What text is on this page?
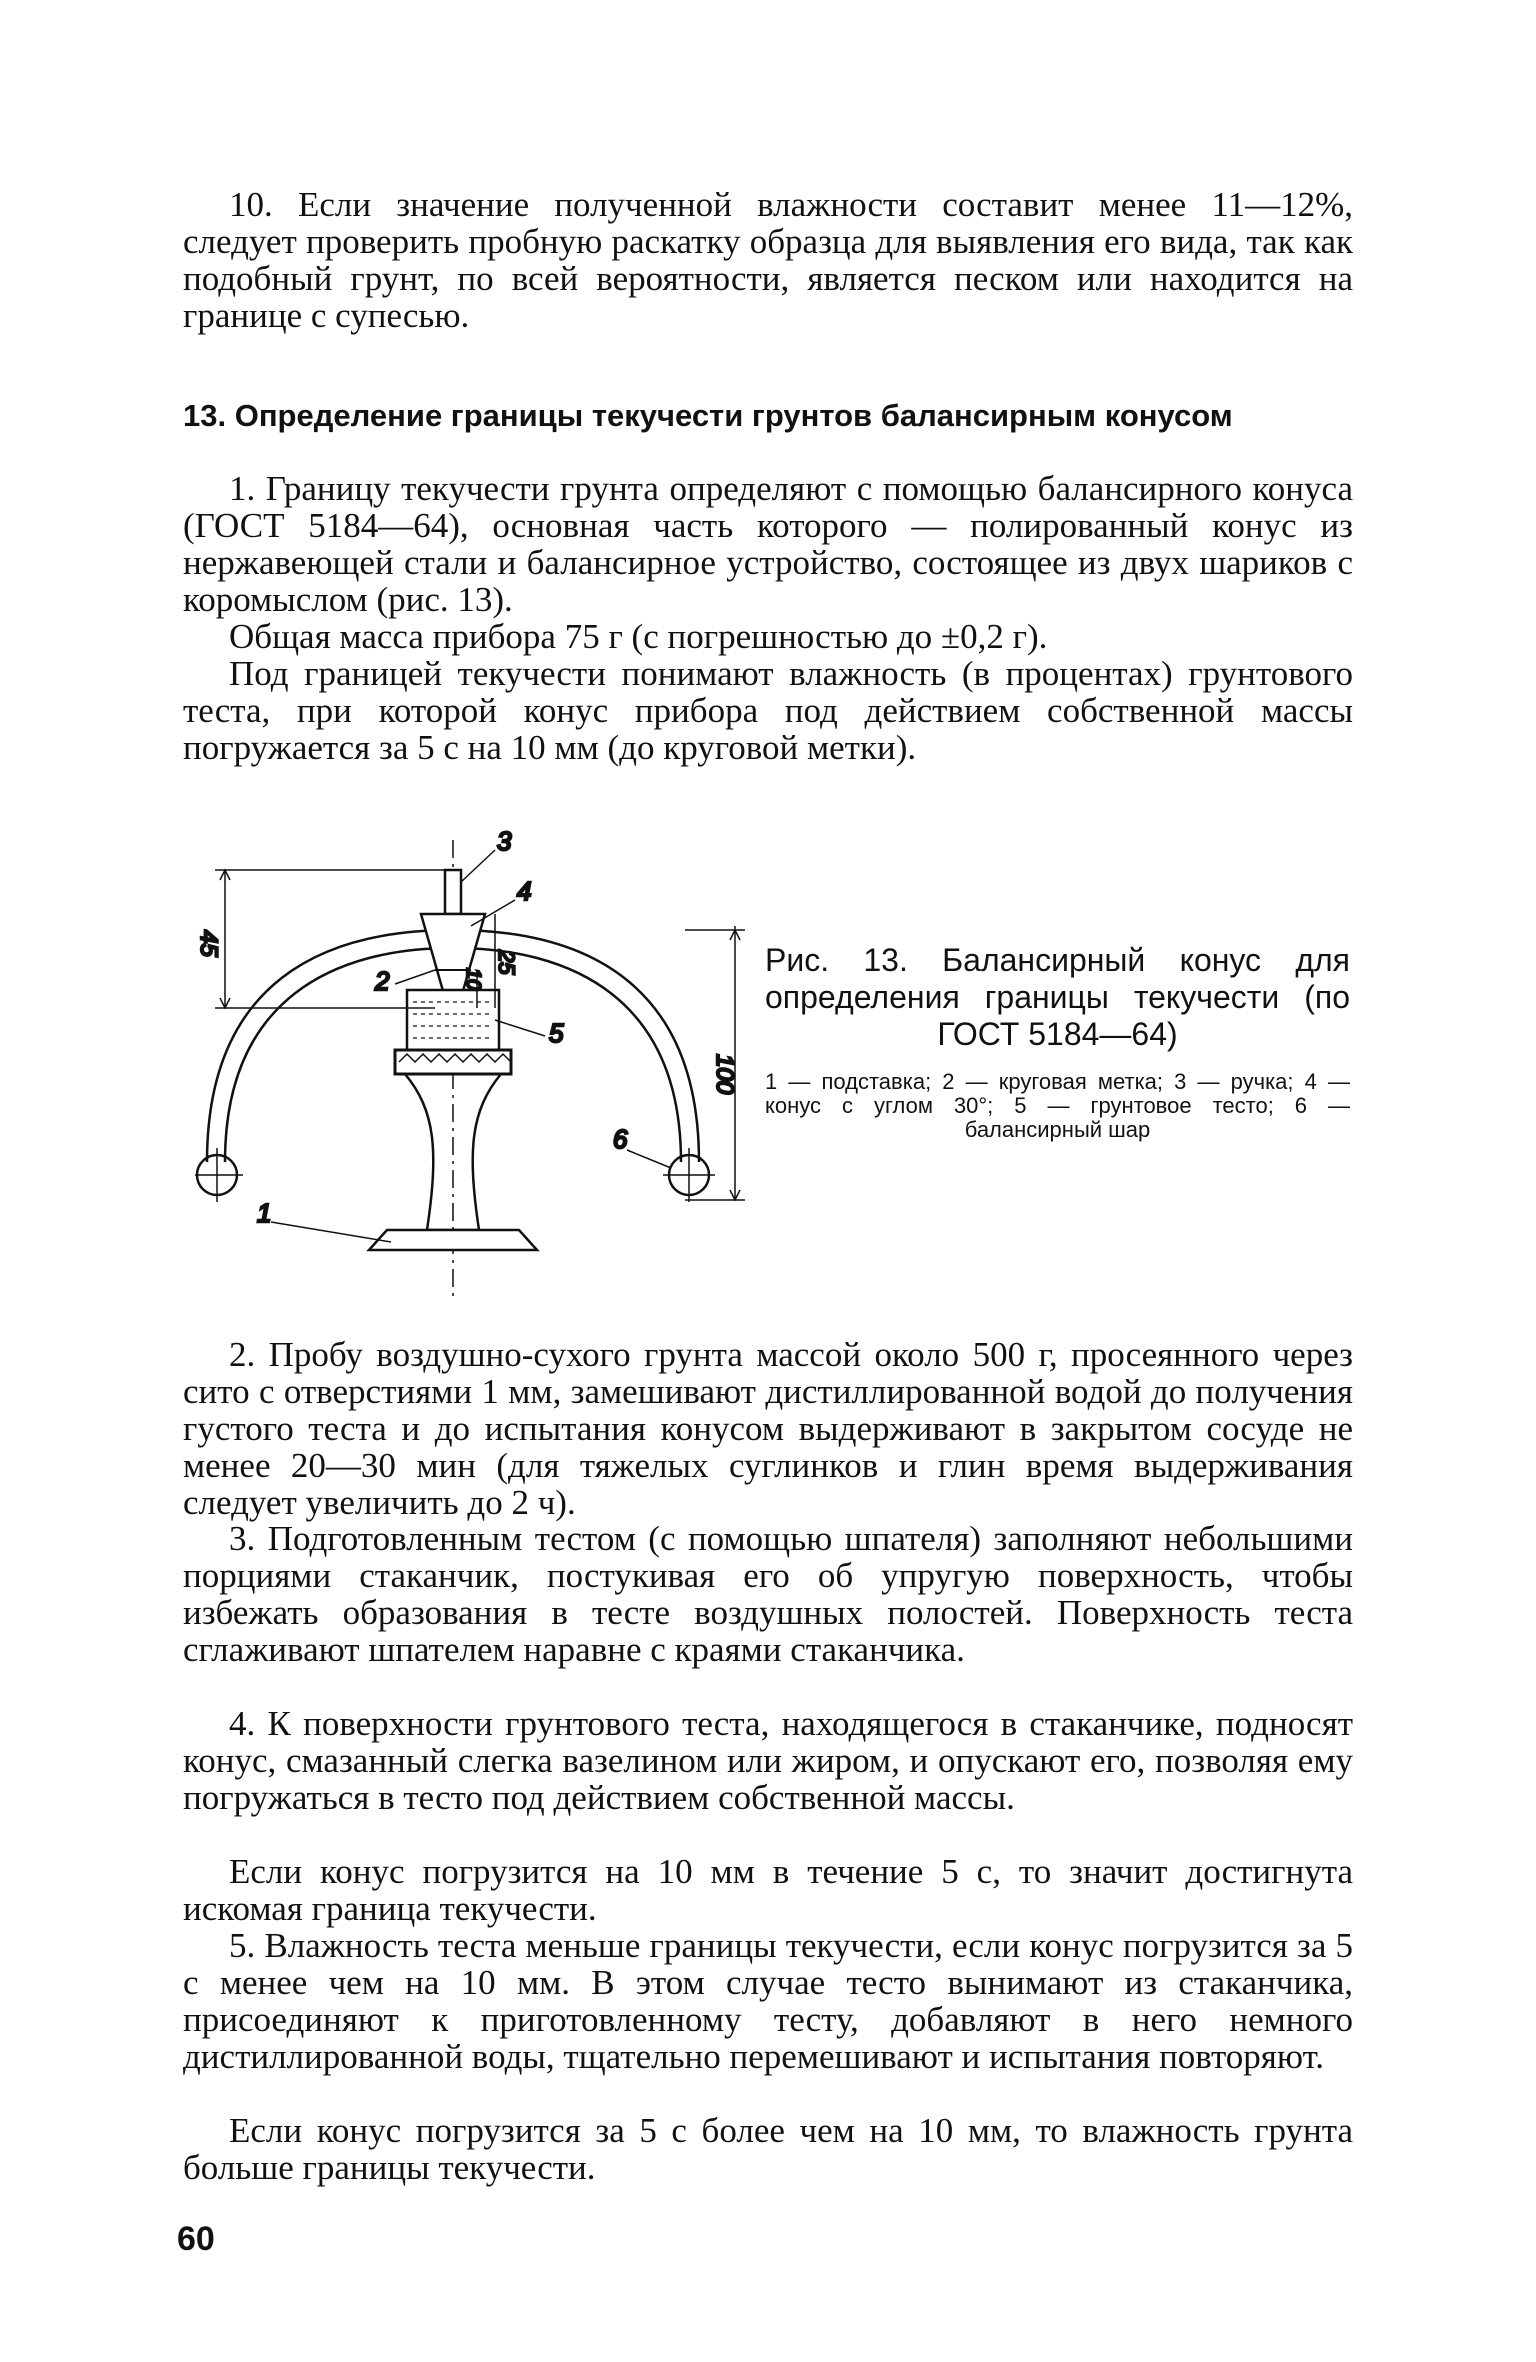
10. Если значение полученной влажности составит менее 11—12%, следует проверить пробную раскатку образца для выявления его вида, так как подобный грунт, по всей вероятности, является песком или находится на границе с супесью.

13. Определение границы текучести грунтов балансирным конусом

1. Границу текучести грунта определяют с помощью балансирного конуса (ГОСТ 5184—64), основная часть которого — полированный конус из нержавеющей стали и балансирное устройство, состоящее из двух шариков с коромыслом (рис. 13).

Общая масса прибора 75 г (с погрешностью до ±0,2 г).

Под границей текучести понимают влажность (в процентах) грунтового теста, при которой конус прибора под действием собственной массы погружается за 5 с на 10 мм (до круговой метки).

45
25
10
100
3
4
2
5
6
1

Рис. 13. Балансирный конус для определения границы текучести (по ГОСТ 5184—64)

1 — подставка; 2 — круговая метка; 3 — ручка; 4 — конус с углом 30°; 5 — грунтовое тесто; 6 — балансирный шар

2. Пробу воздушно-сухого грунта массой около 500 г, просеянного через сито с отверстиями 1 мм, замешивают дистиллированной водой до получения густого теста и до испытания конусом выдерживают в закрытом сосуде не менее 20—30 мин (для тяжелых суглинков и глин время выдерживания следует увеличить до 2 ч).

3. Подготовленным тестом (с помощью шпателя) заполняют небольшими порциями стаканчик, постукивая его об упругую поверхность, чтобы избежать образования в тесте воздушных полостей. Поверхность теста сглаживают шпателем наравне с краями стаканчика.

4. К поверхности грунтового теста, находящегося в стаканчике, подносят конус, смазанный слегка вазелином или жиром, и опускают его, позволяя ему погружаться в тесто под действием собственной массы.

Если конус погрузится на 10 мм в течение 5 с, то значит достигнута искомая граница текучести.

5. Влажность теста меньше границы текучести, если конус погрузится за 5 с менее чем на 10 мм. В этом случае тесто вынимают из стаканчика, присоединяют к приготовленному тесту, добавляют в него немного дистиллированной воды, тщательно перемешивают и испытания повторяют.

Если конус погрузится за 5 с более чем на 10 мм, то влажность грунта больше границы текучести.

60
